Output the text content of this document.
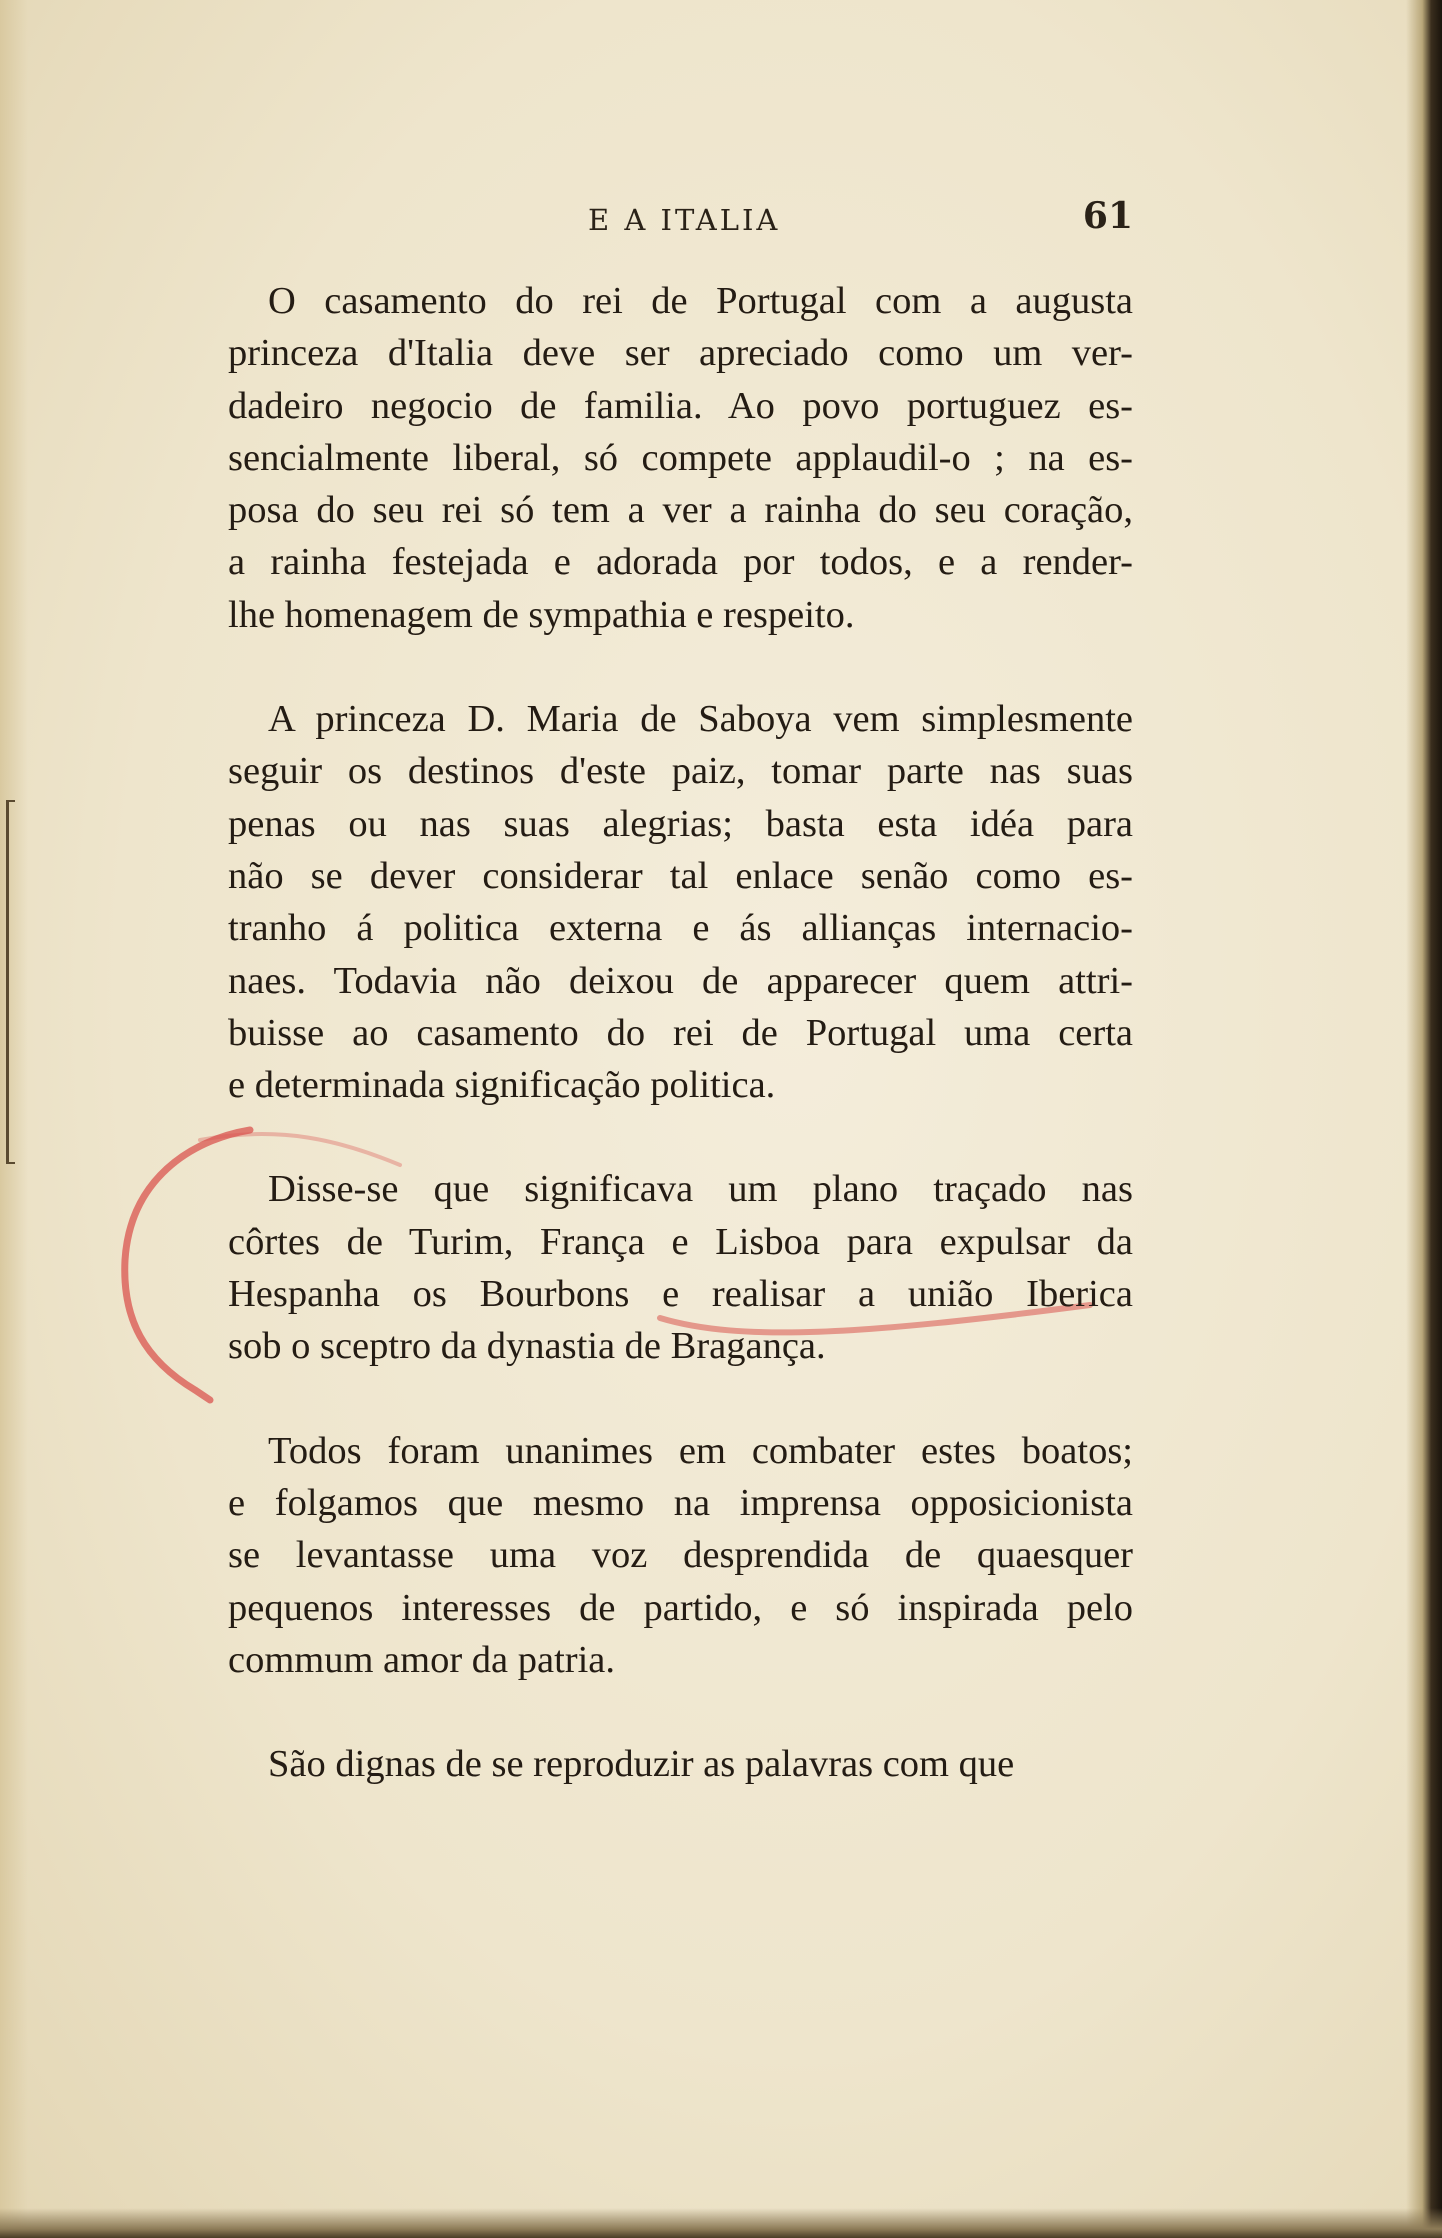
E A ITALIA	61

O casamento do rei de Portugal com a augusta
princeza d'Italia deve ser apreciado como um ver-
dadeiro negocio de familia. Ao povo portuguez es-
sencialmente liberal, só compete applaudil-o ; na es-
posa do seu rei só tem a ver a rainha do seu coração,
a rainha festejada e adorada por todos, e a render-
lhe homenagem de sympathia e respeito.

A princeza D. Maria de Saboya vem simplesmente
seguir os destinos d'este paiz, tomar parte nas suas
penas ou nas suas alegrias; basta esta idéa para
não se dever considerar tal enlace senão como es-
tranho á politica externa e ás allianças internacio-
naes. Todavia não deixou de apparecer quem attri-
buisse ao casamento do rei de Portugal uma certa
e determinada significação politica.

Disse-se que significava um plano traçado nas
côrtes de Turim, França e Lisboa para expulsar da
Hespanha os Bourbons e realisar a união Iberica
sob o sceptro da dynastia de Bragança.

Todos foram unanimes em combater estes boatos;
e folgamos que mesmo na imprensa opposicionista
se levantasse uma voz desprendida de quaesquer
pequenos interesses de partido, e só inspirada pelo
commum amor da patria.

São dignas de se reproduzir as palavras com que
